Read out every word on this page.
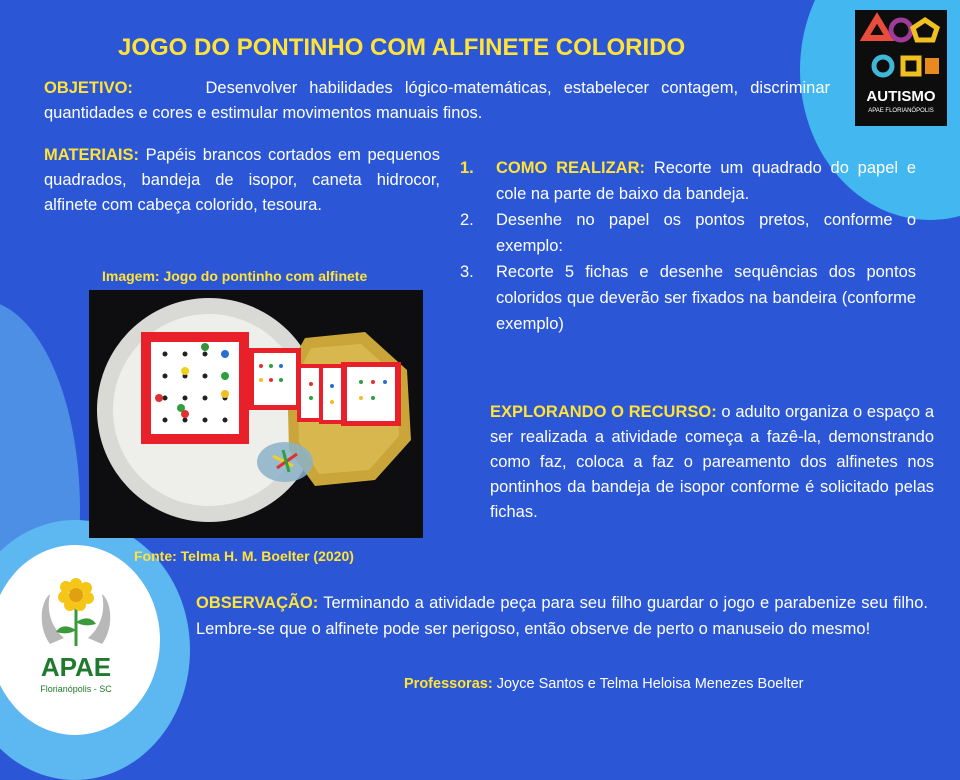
JOGO DO PONTINHO COM ALFINETE COLORIDO
OBJETIVO:	Desenvolver habilidades lógico-matemáticas, estabelecer contagem, discriminar quantidades e cores e estimular movimentos manuais finos.
MATERIAIS: Papéis brancos cortados em pequenos quadrados, bandeja de isopor, caneta hidrocor, alfinete com cabeça colorido, tesoura.
1.	COMO REALIZAR: Recorte um quadrado do papel e cole na parte de baixo da bandeja.
2.	Desenhe no papel os pontos pretos, conforme o exemplo:
3.	Recorte 5 fichas e desenhe sequências dos pontos coloridos que deverão ser fixados na bandeira (conforme exemplo)
Imagem: Jogo do pontinho com alfinete
Fonte: Telma H. M. Boelter (2020)
EXPLORANDO O RECURSO: o adulto organiza o espaço a ser realizada a atividade começa a fazê-la, demonstrando como faz, coloca a faz o pareamento dos alfinetes nos pontinhos da bandeja de isopor conforme é solicitado pelas fichas.
OBSERVAÇÃO: Terminando a atividade peça para seu filho guardar o jogo e parabenize seu filho. Lembre-se que o alfinete pode ser perigoso, então observe de perto o manuseio do mesmo!
Professoras: Joyce Santos e Telma Heloisa Menezes Boelter
AUTISMO
APAE FLORIANÓPOLIS
APAE
Florianópolis - SC
